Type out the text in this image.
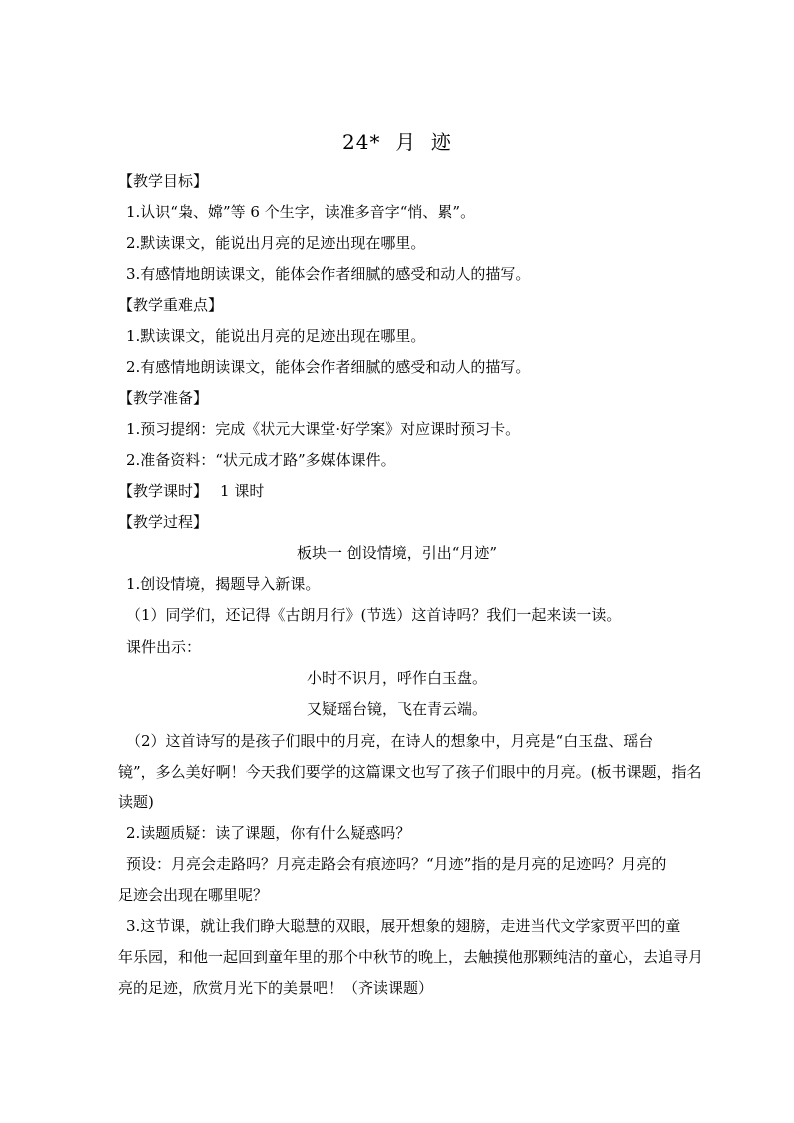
24*  月  迹
【教学目标】
1.认识“枭、嫦”等 6 个生字，读准多音字“悄、累”。
2.默读课文，能说出月亮的足迹出现在哪里。
3.有感情地朗读课文，能体会作者细腻的感受和动人的描写。
【教学重难点】
1.默读课文，能说出月亮的足迹出现在哪里。
2.有感情地朗读课文，能体会作者细腻的感受和动人的描写。
【教学准备】
1.预习提纲：完成《状元大课堂·好学案》对应课时预习卡。
2.准备资料：“状元成才路”多媒体课件。
【教学课时】 1 课时
【教学过程】
板块一 创设情境，引出“月迹”
1.创设情境，揭题导入新课。
（1）同学们，还记得《古朗月行》(节选）这首诗吗？我们一起来读一读。
课件出示：
小时不识月，呼作白玉盘。
又疑瑶台镜，飞在青云端。
（2）这首诗写的是孩子们眼中的月亮，在诗人的想象中，月亮是“白玉盘、瑶台
镜”，多么美好啊！今天我们要学的这篇课文也写了孩子们眼中的月亮。(板书课题，指名
读题)
2.读题质疑：读了课题，你有什么疑惑吗？
预设：月亮会走路吗？月亮走路会有痕迹吗？“月迹”指的是月亮的足迹吗？月亮的
足迹会出现在哪里呢？
3.这节课，就让我们睁大聪慧的双眼，展开想象的翅膀，走进当代文学家贾平凹的童
年乐园，和他一起回到童年里的那个中秋节的晚上，去触摸他那颗纯洁的童心，去追寻月
亮的足迹，欣赏月光下的美景吧！（齐读课题）
